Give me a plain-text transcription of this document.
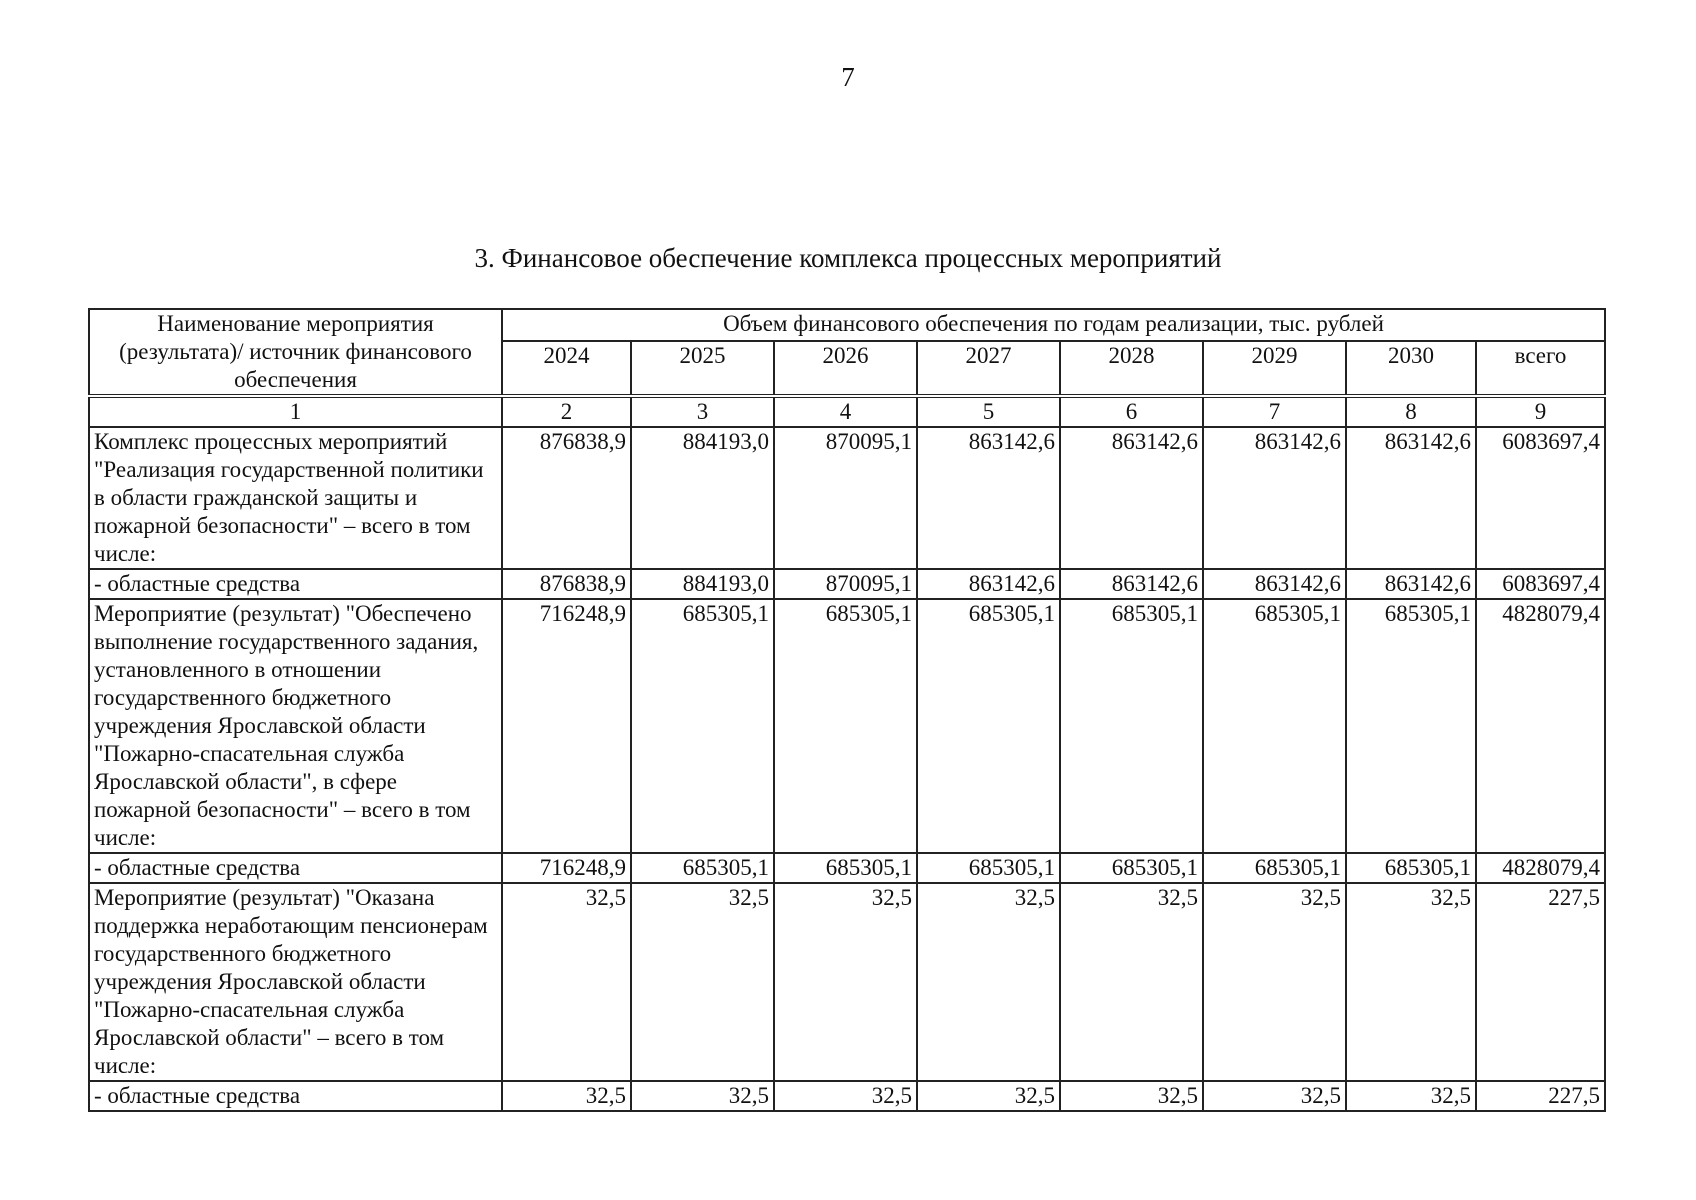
7
3. Финансовое обеспечение комплекса процессных мероприятий
Наименование мероприятия (результата)/ источник финансового обеспечения	Объем финансового обеспечения по годам реализации, тыс. рублей							
	2024	2025	2026	2027	2028	2029	2030	всего
1	2	3	4	5	6	7	8	9
Комплекс процессных мероприятий "Реализация государственной политики в области гражданской защиты и пожарной безопасности" – всего в том числе:	876838,9	884193,0	870095,1	863142,6	863142,6	863142,6	863142,6	6083697,4
- областные средства	876838,9	884193,0	870095,1	863142,6	863142,6	863142,6	863142,6	6083697,4
Мероприятие (результат) "Обеспечено выполнение государственного задания, установленного в отношении государственного бюджетного учреждения Ярославской области "Пожарно-спасательная служба Ярославской области", в сфере пожарной безопасности" – всего в том числе:	716248,9	685305,1	685305,1	685305,1	685305,1	685305,1	685305,1	4828079,4
- областные средства	716248,9	685305,1	685305,1	685305,1	685305,1	685305,1	685305,1	4828079,4
Мероприятие (результат) "Оказана поддержка неработающим пенсионерам государственного бюджетного учреждения Ярославской области "Пожарно-спасательная служба Ярославской области" – всего в том числе:	32,5	32,5	32,5	32,5	32,5	32,5	32,5	227,5
- областные средства	32,5	32,5	32,5	32,5	32,5	32,5	32,5	227,5
